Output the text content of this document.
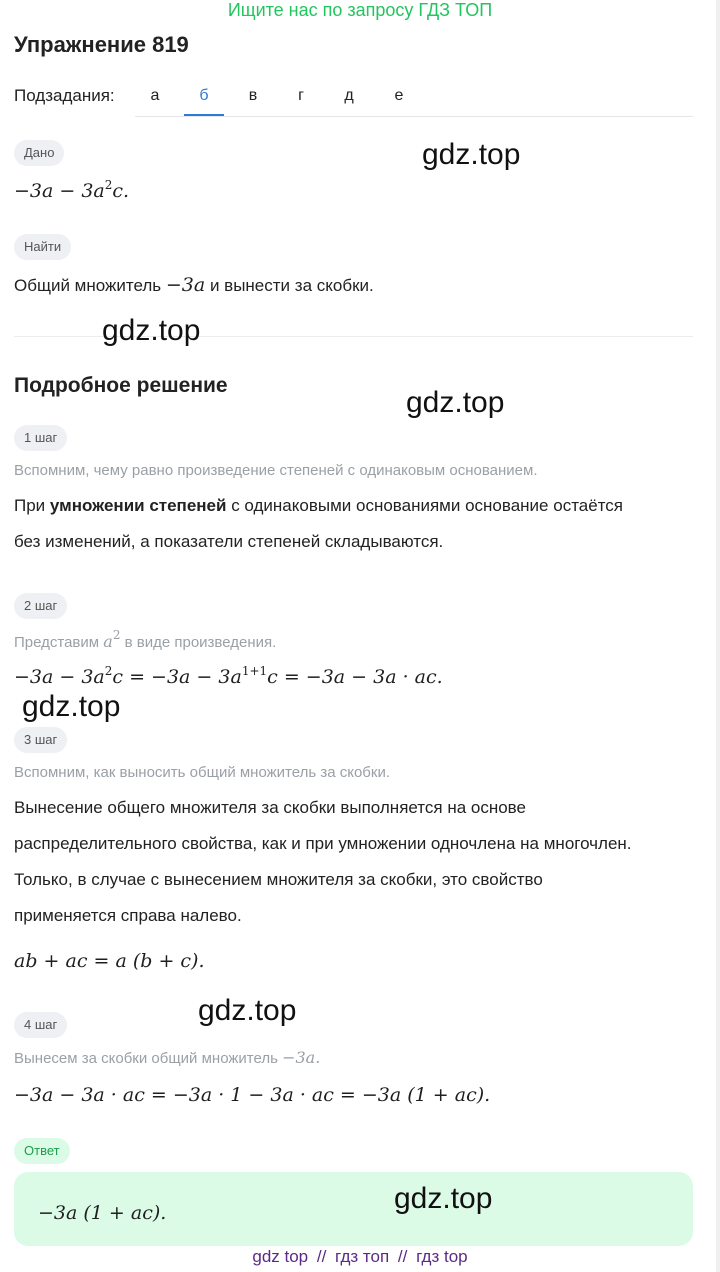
Ищите нас по запросу ГДЗ ТОП
Упражнение 819
Подзадания:	а	б	в	г	д	е
Дано
$-3a - 3a^2c$.
Найти
Общий множитель −3a и вынести за скобки.
Подробное решение
1 шаг
Вспомним, чему равно произведение степеней с одинаковым основанием.
При умножении степеней с одинаковыми основаниями основание остаётся
без изменений, а показатели степеней складываются.
2 шаг
Представим $a^2$ в виде произведения.
$-3a - 3a^2c = -3a - 3a^{1+1}c = -3a - 3a$ · ac.
3 шаг
Вспомним, как выносить общий множитель за скобки.
Вынесение общего множителя за скобки выполняется на основе
распределительного свойства, как и при умножении одночлена на многочлен.
Только, в случае с вынесением множителя за скобки, это свойство
применяется справа налево.
ab + ac = a (b + c).
4 шаг
Вынесем за скобки общий множитель −3a.
−3a − 3a · ac = −3a · 1 − 3a · ac = −3a (1 + ac).
Ответ
−3a (1 + ac).
gdz.top
gdz.top
gdz.top
gdz.top
gdz.top
gdz.top
gdz top // гдз топ // гдз top
